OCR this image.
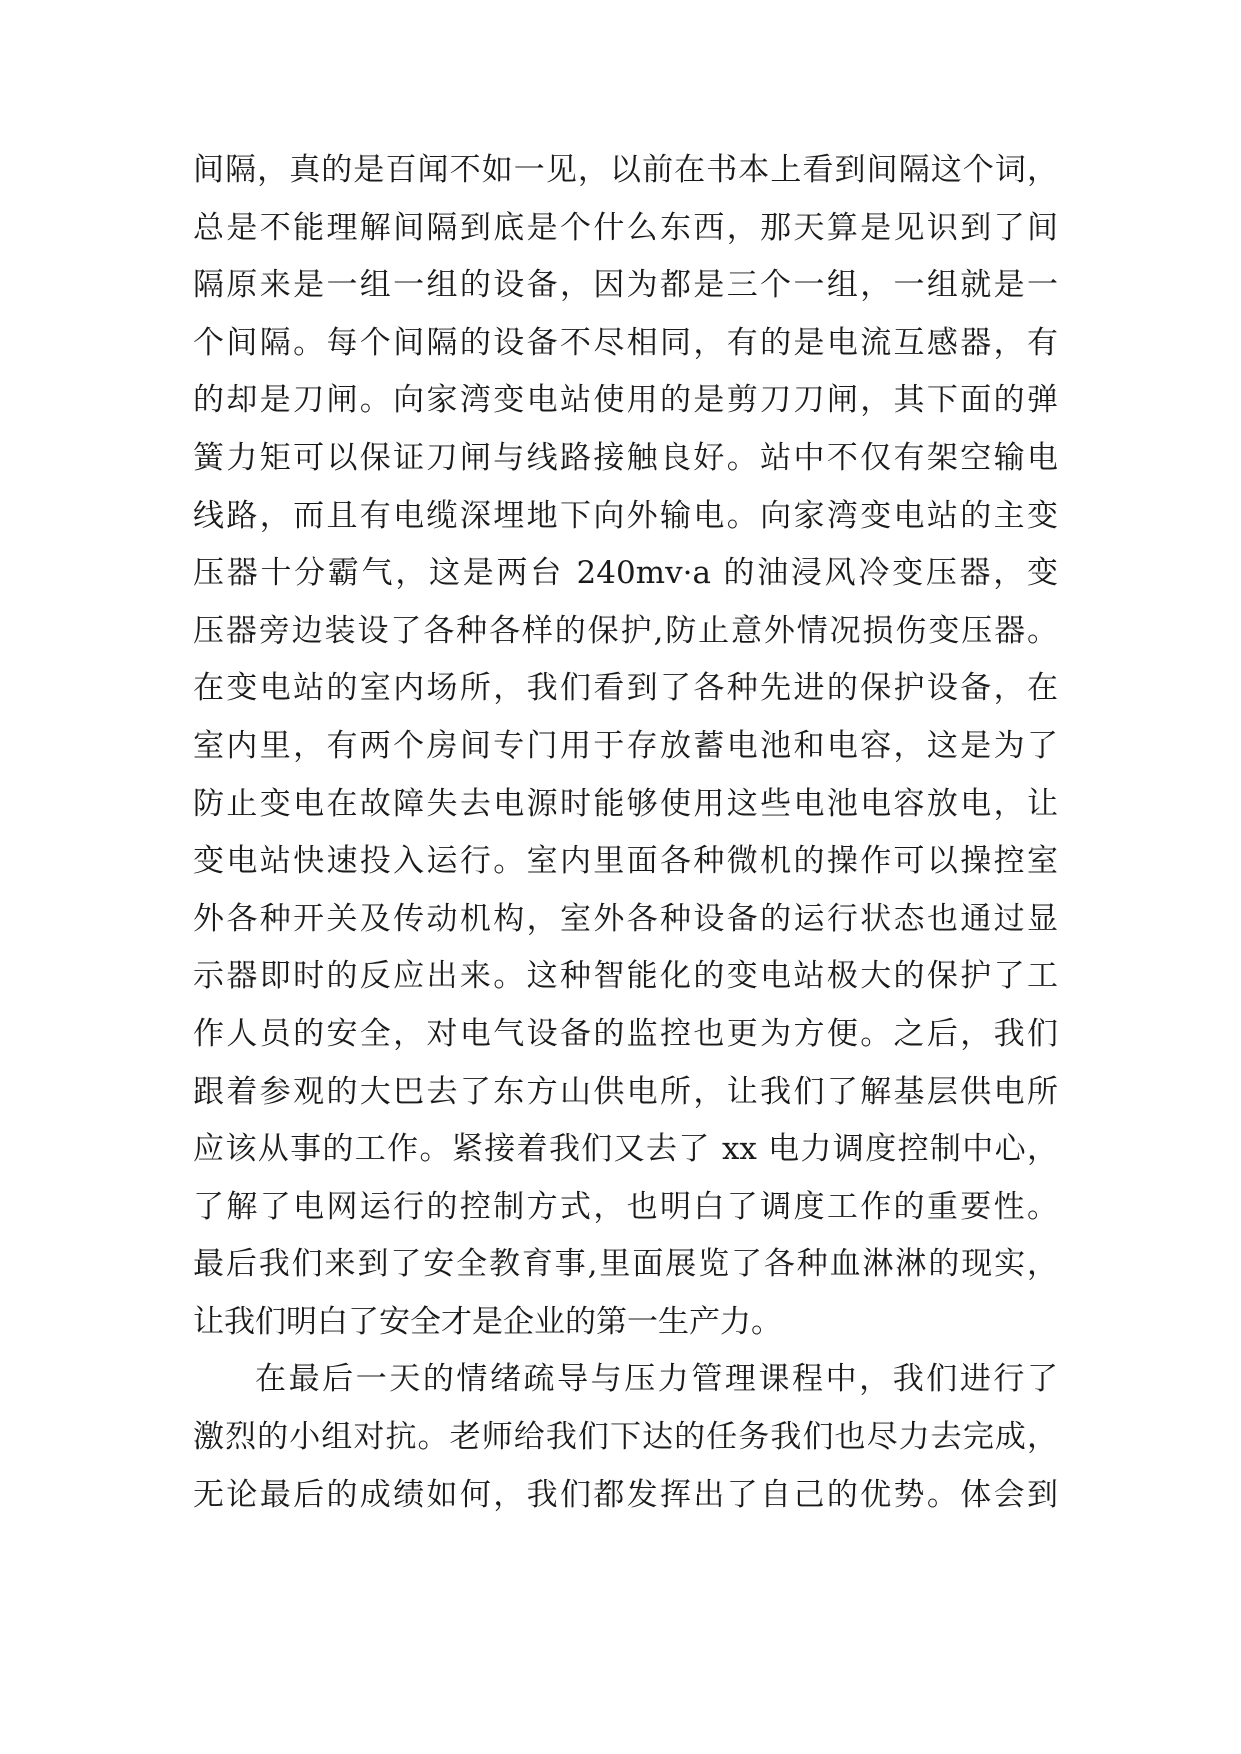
间隔，真的是百闻不如一见，以前在书本上看到间隔这个词，
总是不能理解间隔到底是个什么东西，那天算是见识到了间
隔原来是一组一组的设备，因为都是三个一组，一组就是一
个间隔。每个间隔的设备不尽相同，有的是电流互感器，有
的却是刀闸。向家湾变电站使用的是剪刀刀闸，其下面的弹
簧力矩可以保证刀闸与线路接触良好。站中不仅有架空输电
线路，而且有电缆深埋地下向外输电。向家湾变电站的主变
压器十分霸气，这是两台 240mv·a 的油浸风冷变压器，变
压器旁边装设了各种各样的保护,防止意外情况损伤变压器。
在变电站的室内场所，我们看到了各种先进的保护设备，在
室内里，有两个房间专门用于存放蓄电池和电容，这是为了
防止变电在故障失去电源时能够使用这些电池电容放电，让
变电站快速投入运行。室内里面各种微机的操作可以操控室
外各种开关及传动机构，室外各种设备的运行状态也通过显
示器即时的反应出来。这种智能化的变电站极大的保护了工
作人员的安全，对电气设备的监控也更为方便。之后，我们
跟着参观的大巴去了东方山供电所，让我们了解基层供电所
应该从事的工作。紧接着我们又去了 xx 电力调度控制中心，
了解了电网运行的控制方式，也明白了调度工作的重要性。
最后我们来到了安全教育事,里面展览了各种血淋淋的现实，
让我们明白了安全才是企业的第一生产力。
在最后一天的情绪疏导与压力管理课程中，我们进行了
激烈的小组对抗。老师给我们下达的任务我们也尽力去完成，
无论最后的成绩如何，我们都发挥出了自己的优势。体会到
